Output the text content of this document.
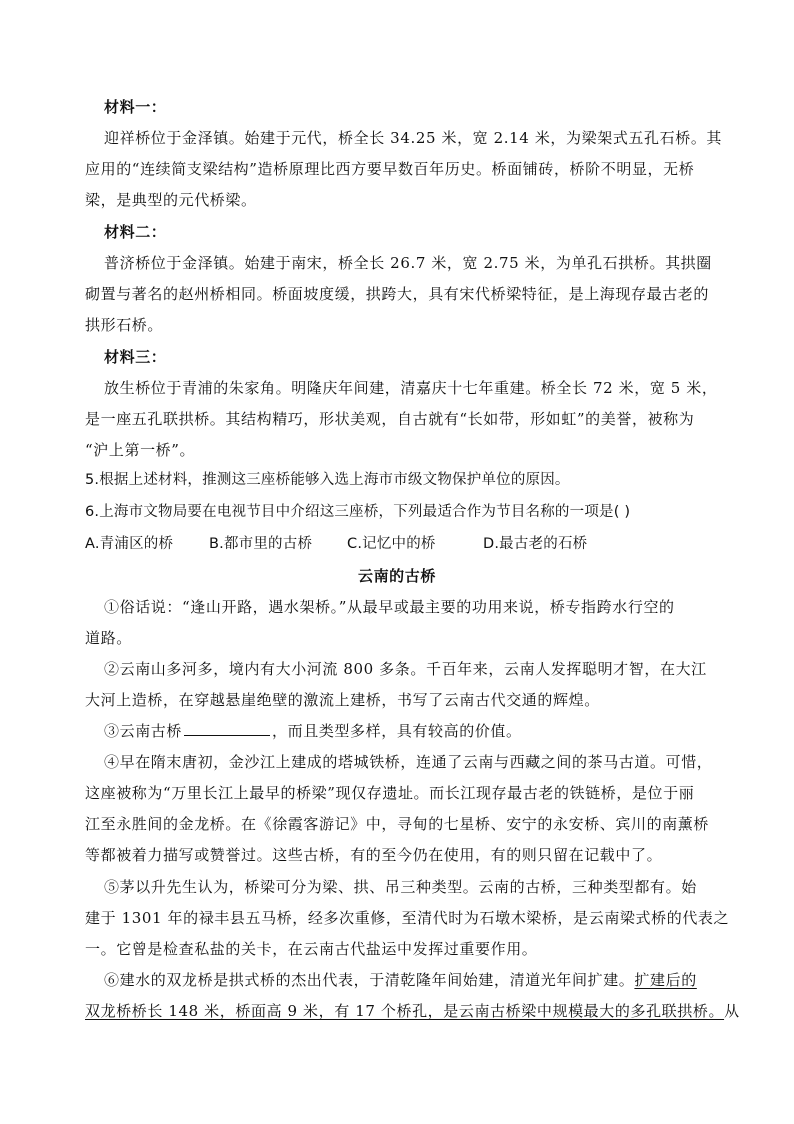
材料一：
迎祥桥位于金泽镇。始建于元代，桥全长 34.25 米，宽 2.14 米，为梁架式五孔石桥。其
应用的“连续简支梁结构”造桥原理比西方要早数百年历史。桥面铺砖，桥阶不明显，无桥
梁，是典型的元代桥梁。
材料二：
普济桥位于金泽镇。始建于南宋，桥全长 26.7 米，宽 2.75 米，为单孔石拱桥。其拱圈
砌置与著名的赵州桥相同。桥面坡度缓，拱跨大，具有宋代桥梁特征，是上海现存最古老的
拱形石桥。
材料三：
放生桥位于青浦的朱家角。明隆庆年间建，清嘉庆十七年重建。桥全长 72 米，宽 5 米，
是一座五孔联拱桥。其结构精巧，形状美观，自古就有“长如带，形如虹”的美誉，被称为
“沪上第一桥”。
5.根据上述材料，推测这三座桥能够入选上海市市级文物保护单位的原因。
6.上海市文物局要在电视节目中介绍这三座桥，下列最适合作为节目名称的一项是( )
A.青浦区的桥 B.都市里的古桥 C.记忆中的桥	D.最古老的石桥
云南的古桥
①俗话说：“逢山开路，遇水架桥。”从最早或最主要的功用来说，桥专指跨水行空的
道路。
②云南山多河多，境内有大小河流 800 多条。千百年来，云南人发挥聪明才智，在大江
大河上造桥，在穿越悬崖绝壁的激流上建桥，书写了云南古代交通的辉煌。
③云南古桥	，而且类型多样，具有较高的价值。
④早在隋末唐初，金沙江上建成的塔城铁桥，连通了云南与西藏之间的茶马古道。可惜，
这座被称为“万里长江上最早的桥梁”现仅存遗址。而长江现存最古老的铁链桥，是位于丽
江至永胜间的金龙桥。在《徐霞客游记》中，寻甸的七星桥、安宁的永安桥、宾川的南薰桥
等都被着力描写或赞誉过。这些古桥，有的至今仍在使用，有的则只留在记载中了。
⑤茅以升先生认为，桥梁可分为梁、拱、吊三种类型。云南的古桥，三种类型都有。始
建于 1301 年的禄丰县五马桥，经多次重修，至清代时为石墩木梁桥，是云南梁式桥的代表之
一。它曾是检查私盐的关卡，在云南古代盐运中发挥过重要作用。
⑥建水的双龙桥是拱式桥的杰出代表，于清乾隆年间始建，清道光年间扩建。扩建后的
双龙桥桥长 148 米，桥面高 9 米，有 17 个桥孔，是云南古桥梁中规模最大的多孔联拱桥。从
